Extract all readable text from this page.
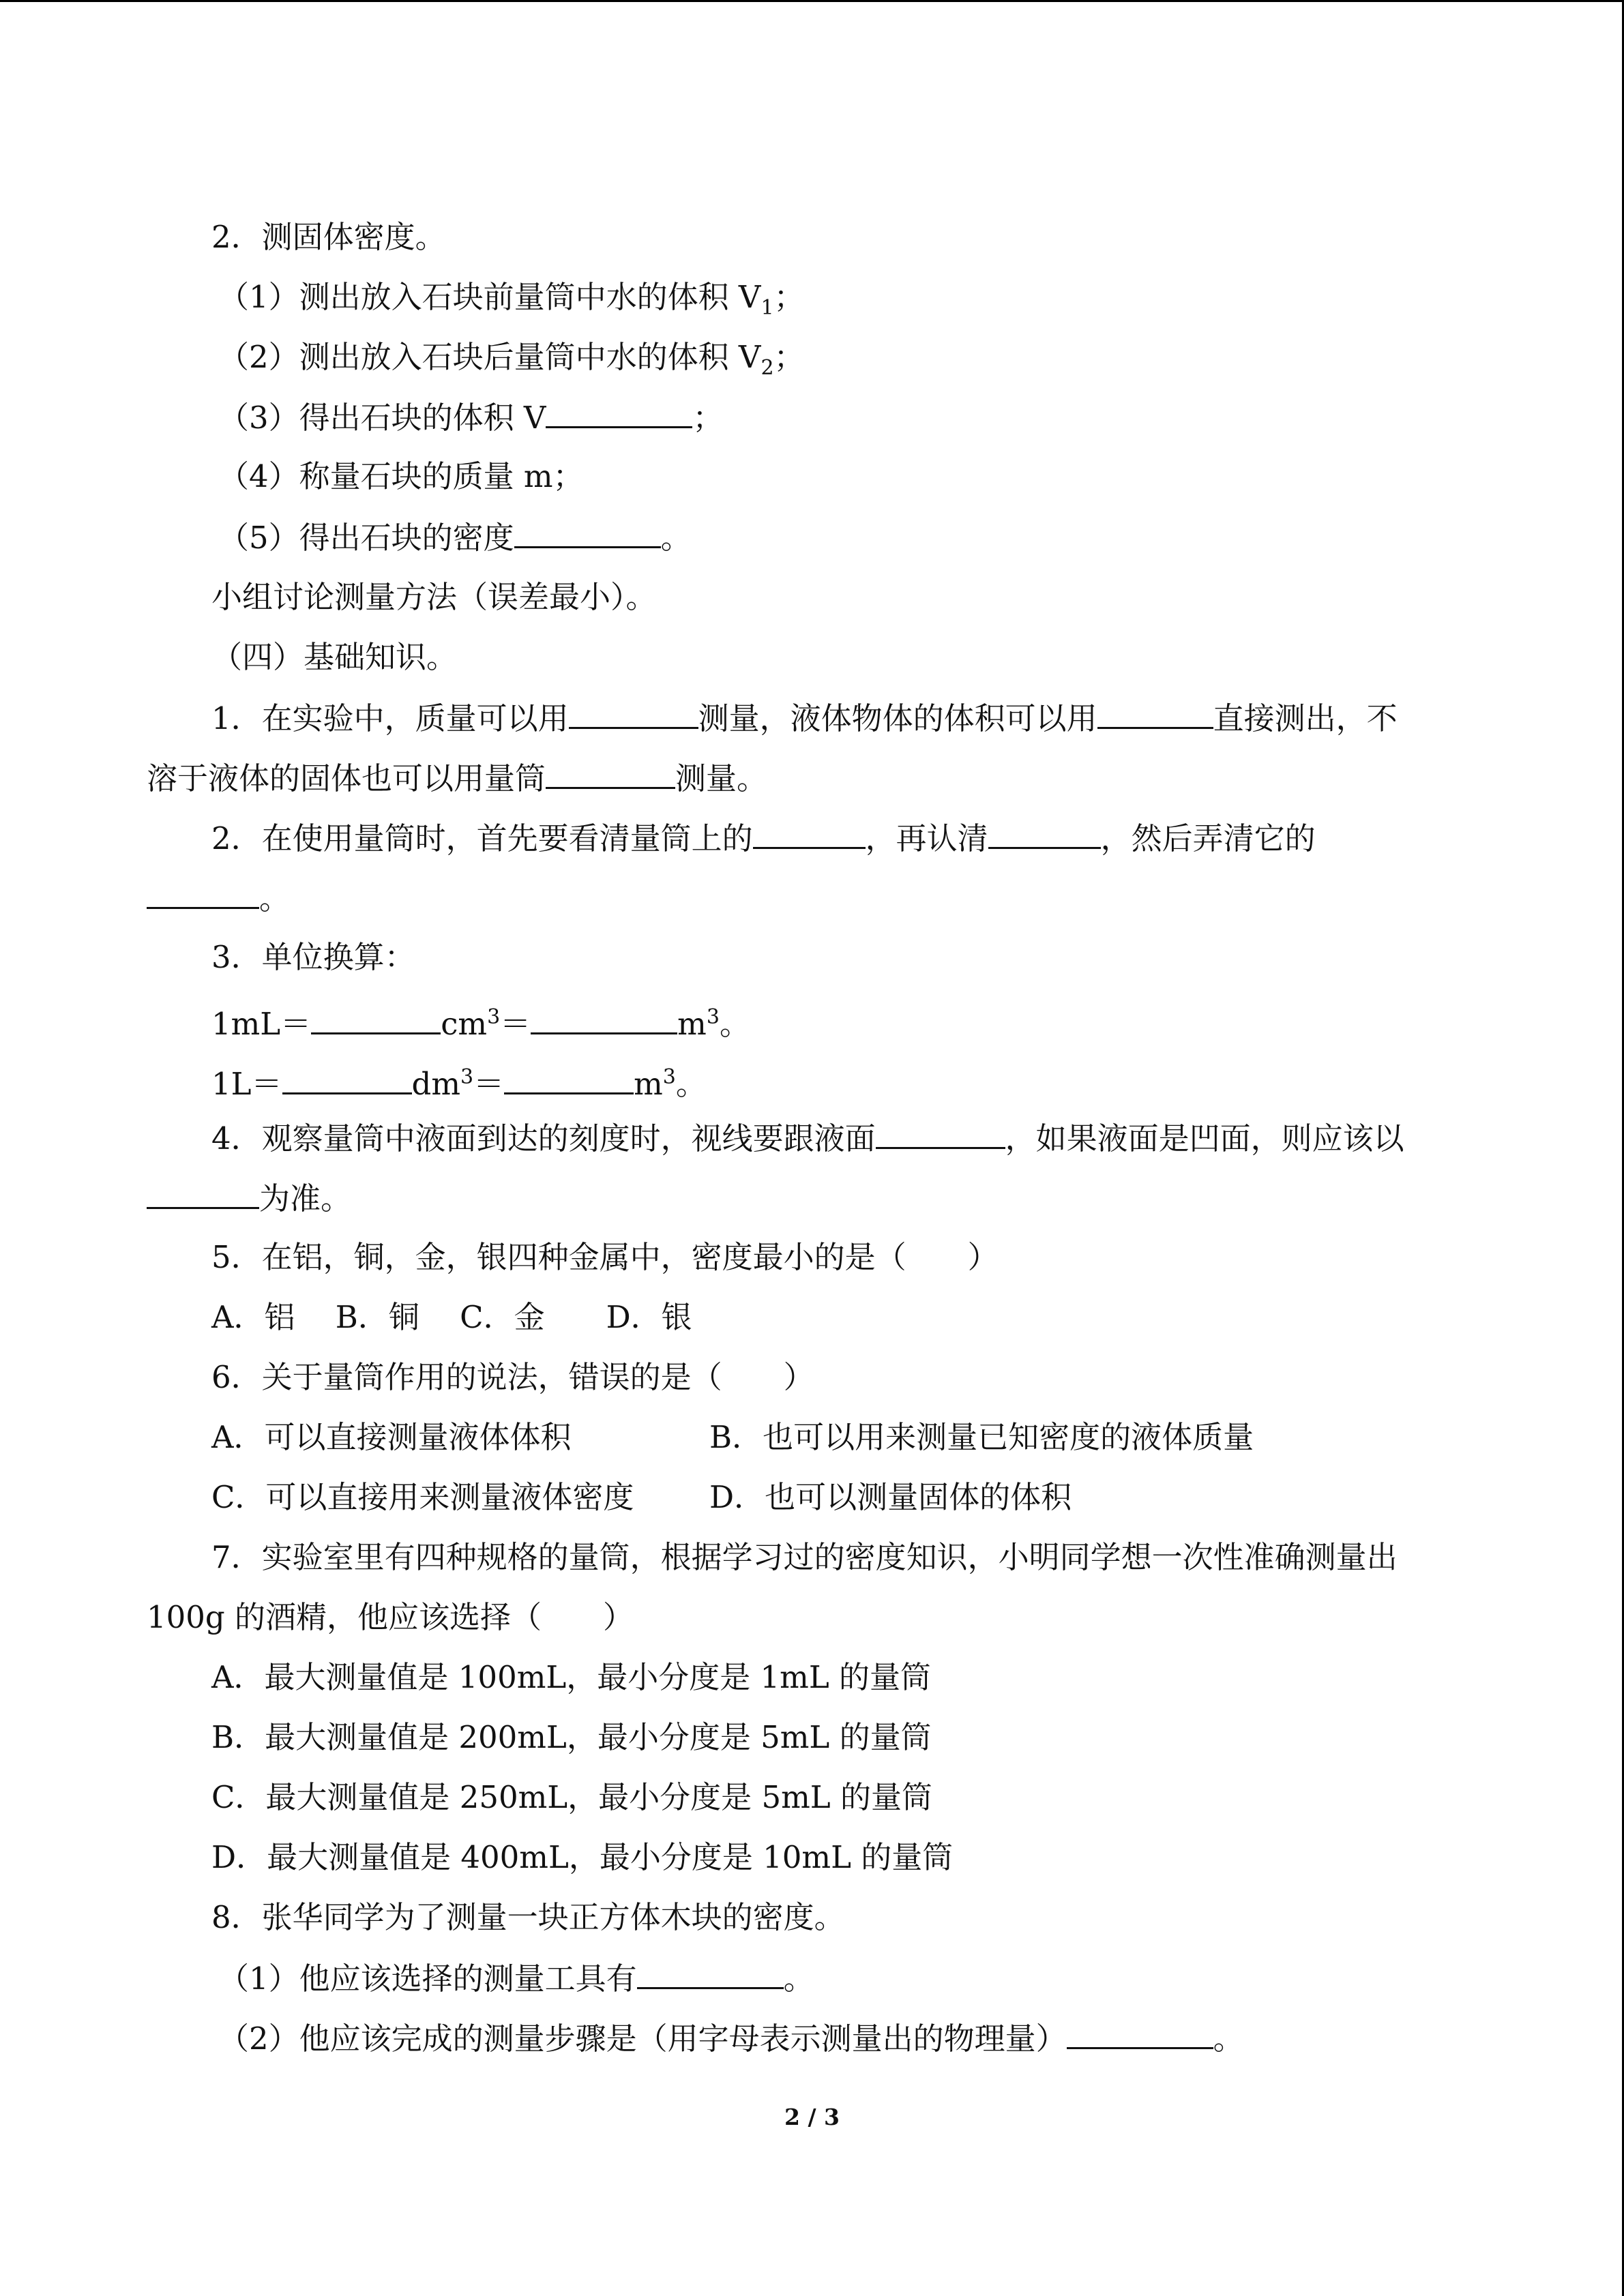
2．测固体密度。
（1）测出放入石块前量筒中水的体积 $V_1$；
（2）测出放入石块后量筒中水的体积 $V_2$；
（3）得出石块的体积 V	；
（4）称量石块的质量 m；
（5）得出石块的密度	。
小组讨论测量方法（误差最小）。
（四）基础知识。
1．在实验中，质量可以用	测量，液体物体的体积可以用	直接测出，不
溶于液体的固体也可以用量筒	测量。
2．在使用量筒时，首先要看清量筒上的	，再认清	，然后弄清它的
。
3．单位换算：
1mL＝	$cm^3=$	$m^3$。
1L＝	$dm^3=$	$m^3$。
4．观察量筒中液面到达的刻度时，视线要跟液面	，如果液面是凹面，则应该以
为准。
5．在铝，铜，金，银四种金属中，密度最小的是（　　）
A．铝　 B．铜　 C．金　　D．银
6．关于量筒作用的说法，错误的是（　　）
A．可以直接测量液体体积	B．也可以用来测量已知密度的液体质量
C．可以直接用来测量液体密度 D．也可以测量固体的体积
7．实验室里有四种规格的量筒，根据学习过的密度知识，小明同学想一次性准确测量出
100g 的酒精，他应该选择（　　）
A．最大测量值是 100mL，最小分度是 1mL 的量筒
B．最大测量值是 200mL，最小分度是 5mL 的量筒
C．最大测量值是 250mL，最小分度是 5mL 的量筒
D．最大测量值是 400mL，最小分度是 10mL 的量筒
8．张华同学为了测量一块正方体木块的密度。
（1）他应该选择的测量工具有	。
（2）他应该完成的测量步骤是（用字母表示测量出的物理量）	。
2 / 3
